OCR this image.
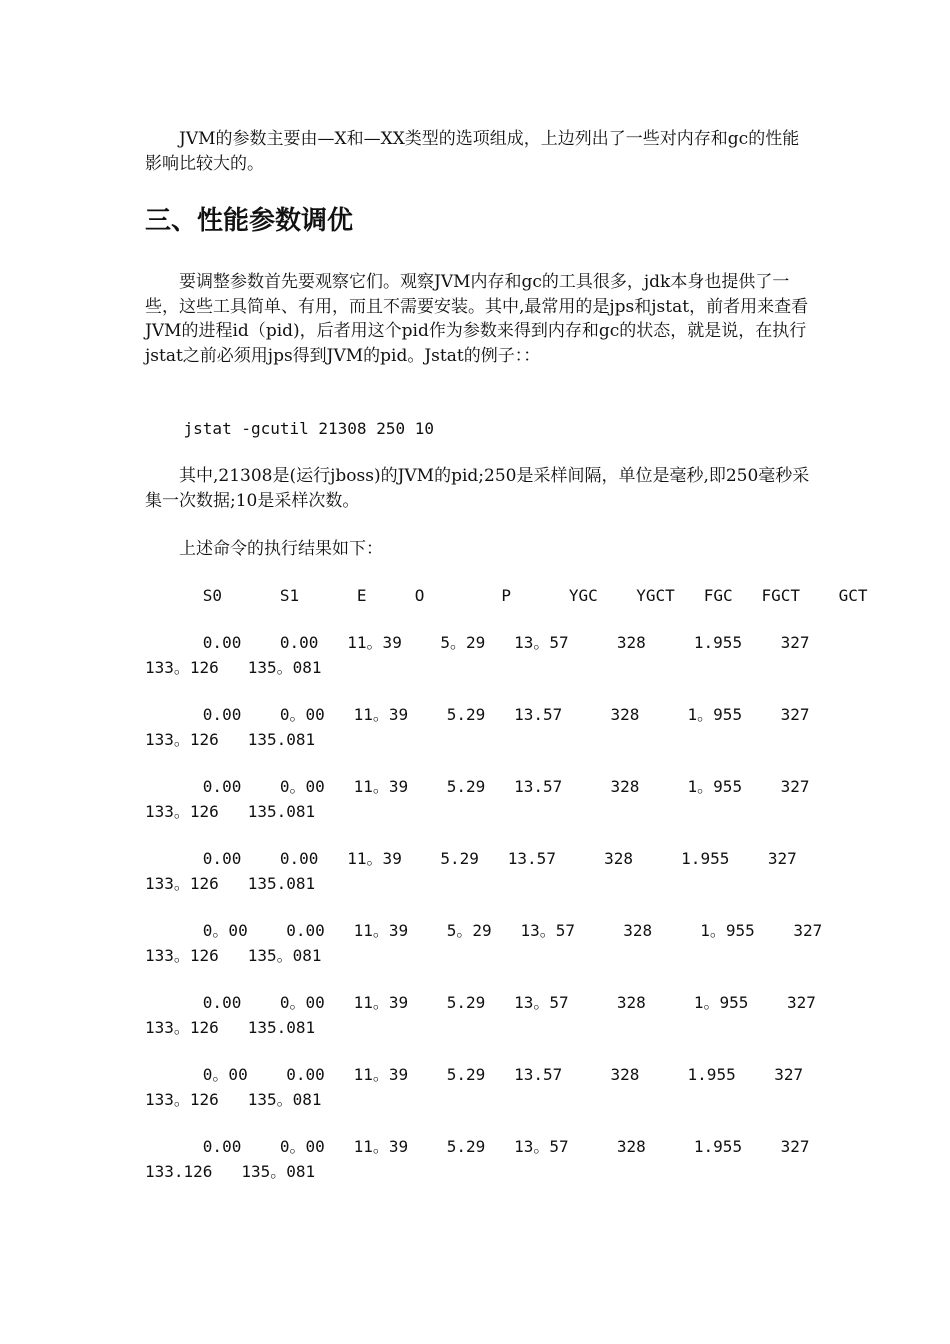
JVM的参数主要由—X和—XX类型的选项组成，上边列出了一些对内存和gc的性能影响比较大的。

三、性能参数调优

要调整参数首先要观察它们。观察JVM内存和gc的工具很多，jdk本身也提供了一些，这些工具简单、有用，而且不需要安装。其中,最常用的是jps和jstat，前者用来查看JVM的进程id（pid)，后者用这个pid作为参数来得到内存和gc的状态，就是说，在执行jstat之前必须用jps得到JVM的pid。Jstat的例子：：

jstat -gcutil 21308 250 10

其中,21308是(运行jboss)的JVM的pid;250是采样间隔，单位是毫秒,即250毫秒采集一次数据;10是采样次数。

上述命令的执行结果如下：

S0      S1      E     O        P      YGC    YGCT   FGC   FGCT    GCT

0.00    0.00   11。39    5。29   13。57     328     1.955    327
133。126   135。081
0.00    0。00   11。39    5.29   13.57     328     1。955    327
133。126   135.081
0.00    0。00   11。39    5.29   13.57     328     1。955    327
133。126   135.081
0.00    0.00   11。39    5.29   13.57     328     1.955    327
133。126   135.081
0。00    0.00   11。39    5。29   13。57     328     1。955    327
133。126   135。081
0.00    0。00   11。39    5.29   13。57     328     1。955    327
133。126   135.081
0。00    0.00   11。39    5.29   13.57     328     1.955    327
133。126   135。081
0.00    0。00   11。39    5.29   13。57     328     1.955    327
133.126   135。081
